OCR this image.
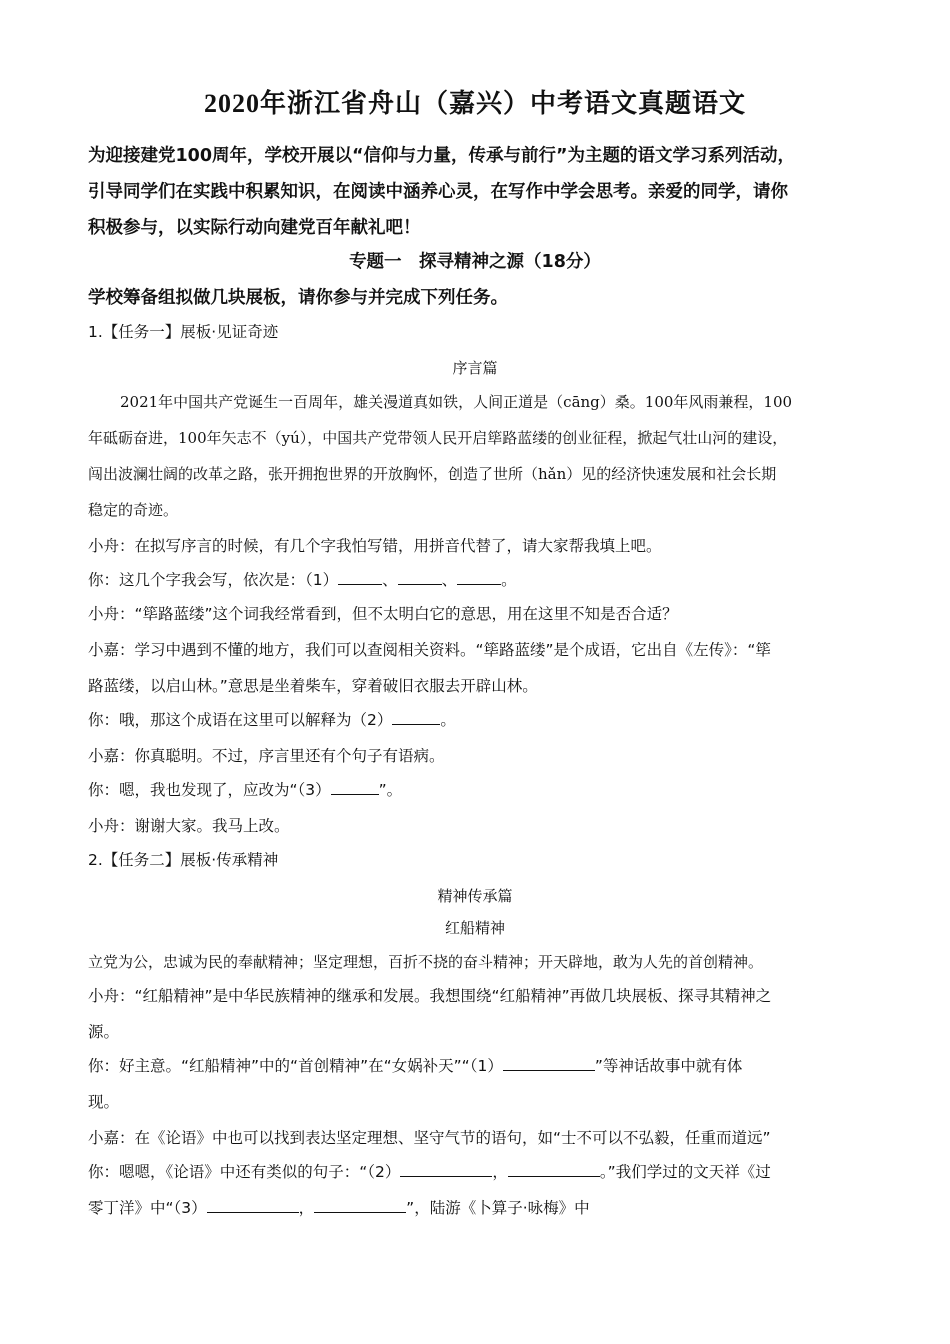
2020年浙江省舟山（嘉兴）中考语文真题语文
为迎接建党100周年，学校开展以“信仰与力量，传承与前行”为主题的语文学习系列活动，
引导同学们在实践中积累知识，在阅读中涵养心灵，在写作中学会思考。亲爱的同学，请你
积极参与，以实际行动向建党百年献礼吧！
专题一　探寻精神之源（18分）
学校筹备组拟做几块展板，请你参与并完成下列任务。
1.【任务一】展板·见证奇迹
序言篇
2021年中国共产党诞生一百周年，雄关漫道真如铁，人间正道是（cāng）桑。100年风雨兼程，100
年砥砺奋进，100年矢志不（yú），中国共产党带领人民开启筚路蓝缕的创业征程，掀起气壮山河的建设，
闯出波澜壮阔的改革之路，张开拥抱世界的开放胸怀，创造了世所（hǎn）见的经济快速发展和社会长期
稳定的奇迹。
小舟：在拟写序言的时候，有几个字我怕写错，用拼音代替了，请大家帮我填上吧。
你：这几个字我会写，依次是：（1）	、	、	。
小舟：“筚路蓝缕”这个词我经常看到，但不太明白它的意思，用在这里不知是否合适？
小嘉：学习中遇到不懂的地方，我们可以查阅相关资料。“筚路蓝缕”是个成语，它出自《左传》：“筚
路蓝缕，以启山林。”意思是坐着柴车，穿着破旧衣服去开辟山林。
你：哦，那这个成语在这里可以解释为（2）	。
小嘉：你真聪明。不过，序言里还有个句子有语病。
你：嗯，我也发现了，应改为“（3）	”。
小舟：谢谢大家。我马上改。
2.【任务二】展板·传承精神
精神传承篇
红船精神
立党为公，忠诚为民的奉献精神；坚定理想，百折不挠的奋斗精神；开天辟地，敢为人先的首创精神。
小舟：“红船精神”是中华民族精神的继承和发展。我想围绕“红船精神”再做几块展板、探寻其精神之
源。
你：好主意。“红船精神”中的“首创精神”在“女娲补天”“（1）	”等神话故事中就有体
现。
小嘉：在《论语》中也可以找到表达坚定理想、坚守气节的语句，如“士不可以不弘毅，任重而道远”
你：嗯嗯，《论语》中还有类似的句子：“（2）	，	。”我们学过的文天祥《过
零丁洋》中“（3）	，	”，陆游《卜算子·咏梅》中
